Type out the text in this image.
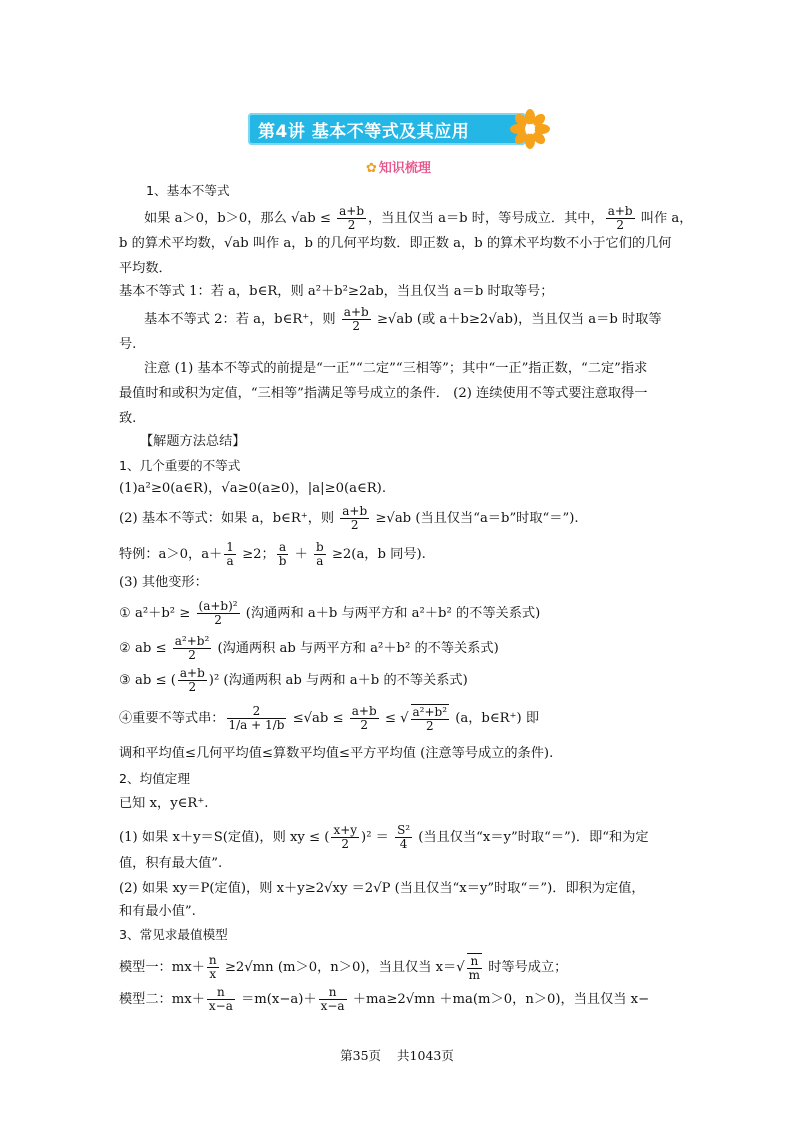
第4讲 基本不等式及其应用
✿ 知识梳理
1、基本不等式
如果 a＞0，b＞0，那么 $√ab \le \frac{a+b}{2}$ ，当且仅当 a＝b 时，等号成立．其中， $\frac{a+b}{2}$ 叫作 a，
b 的算术平均数，√ab 叫作 a，b 的几何平均数．即正数 a，b 的算术平均数不小于它们的几何
平均数．
基本不等式 1：若 a，b∈R，则 a²＋b²≥2ab，当且仅当 a＝b 时取等号；
基本不等式 2：若 a，b∈R⁺，则 $\frac{a+b}{2} \ge√ab$ (或 a＋b≥2√ab)，当且仅当 a＝b 时取等
号.
注意 (1) 基本不等式的前提是“一正”“二定”“三相等”；其中“一正”指正数，“二定”指求
最值时和或积为定值，“三相等”指满足等号成立的条件． (2) 连续使用不等式要注意取得一
致.
【解题方法总结】
1、几个重要的不等式
(1)a²≥0(a∈R)，√a≥0(a≥0)，|a|≥0(a∈R).
(2) 基本不等式：如果 a，b∈R⁺，则 $\frac{a+b}{2} \ge√ab$ (当且仅当“a＝b”时取“＝”).
特例：a＞0，$a+ \frac{1}{a} \ge 2$； $\frac{a}{b} + \frac{b}{a} \ge 2(a$，b 同号).
(3) 其他变形：
① $a^2+b^2 \ge \frac{\text{(a+b)²}}{2}$ (沟通两和 a＋b 与两平方和 a²＋b² 的不等关系式)
② ab ≤ $\frac{\text{a²+b²}}{2}$ (沟通两积 ab 与两平方和 a²＋b² 的不等关系式)
③ ab ≤ ( $\frac{a+b}{2} )^2$ (沟通两积 ab 与两和 a＋b 的不等关系式)
④重要不等式串： $\frac{2}{1/a + 1/b} \le√ab \le \frac{a+b}{2}$ ≤ √ $\frac{\text{a²+b²}}{2} (a$，b∈R⁺) 即
调和平均值≤几何平均值≤算数平均值≤平方平均值 (注意等号成立的条件).
2、均值定理
已知 x，y∈R⁺.
(1) 如果 x＋y＝S(定值)，则 xy ≤ ( $\frac{x+y}{2} )^2 = \frac{\text{S²}}{4}$ (当且仅当“x＝y”时取“＝”)．即“和为定
值，积有最大值”.
(2) 如果 xy＝P(定值)，则 x＋y≥2√xy ＝2√P (当且仅当“x＝y”时取“＝”)．即积为定值，
和有最小值”.
3、常见求最值模型
模型一：$mx+ \frac{n}{x} \ge 2√mn$ (m＞0，n＞0)，当且仅当 $x=√ \frac{n}{m}$ 时等号成立；
模型二：$mx+ \frac{n}{x-a} =m(x-a)+ \frac{n}{x-a} +ma\ge 2√mn +ma(m>0$，n＞0)，当且仅当 x−
第35页 共1043页
